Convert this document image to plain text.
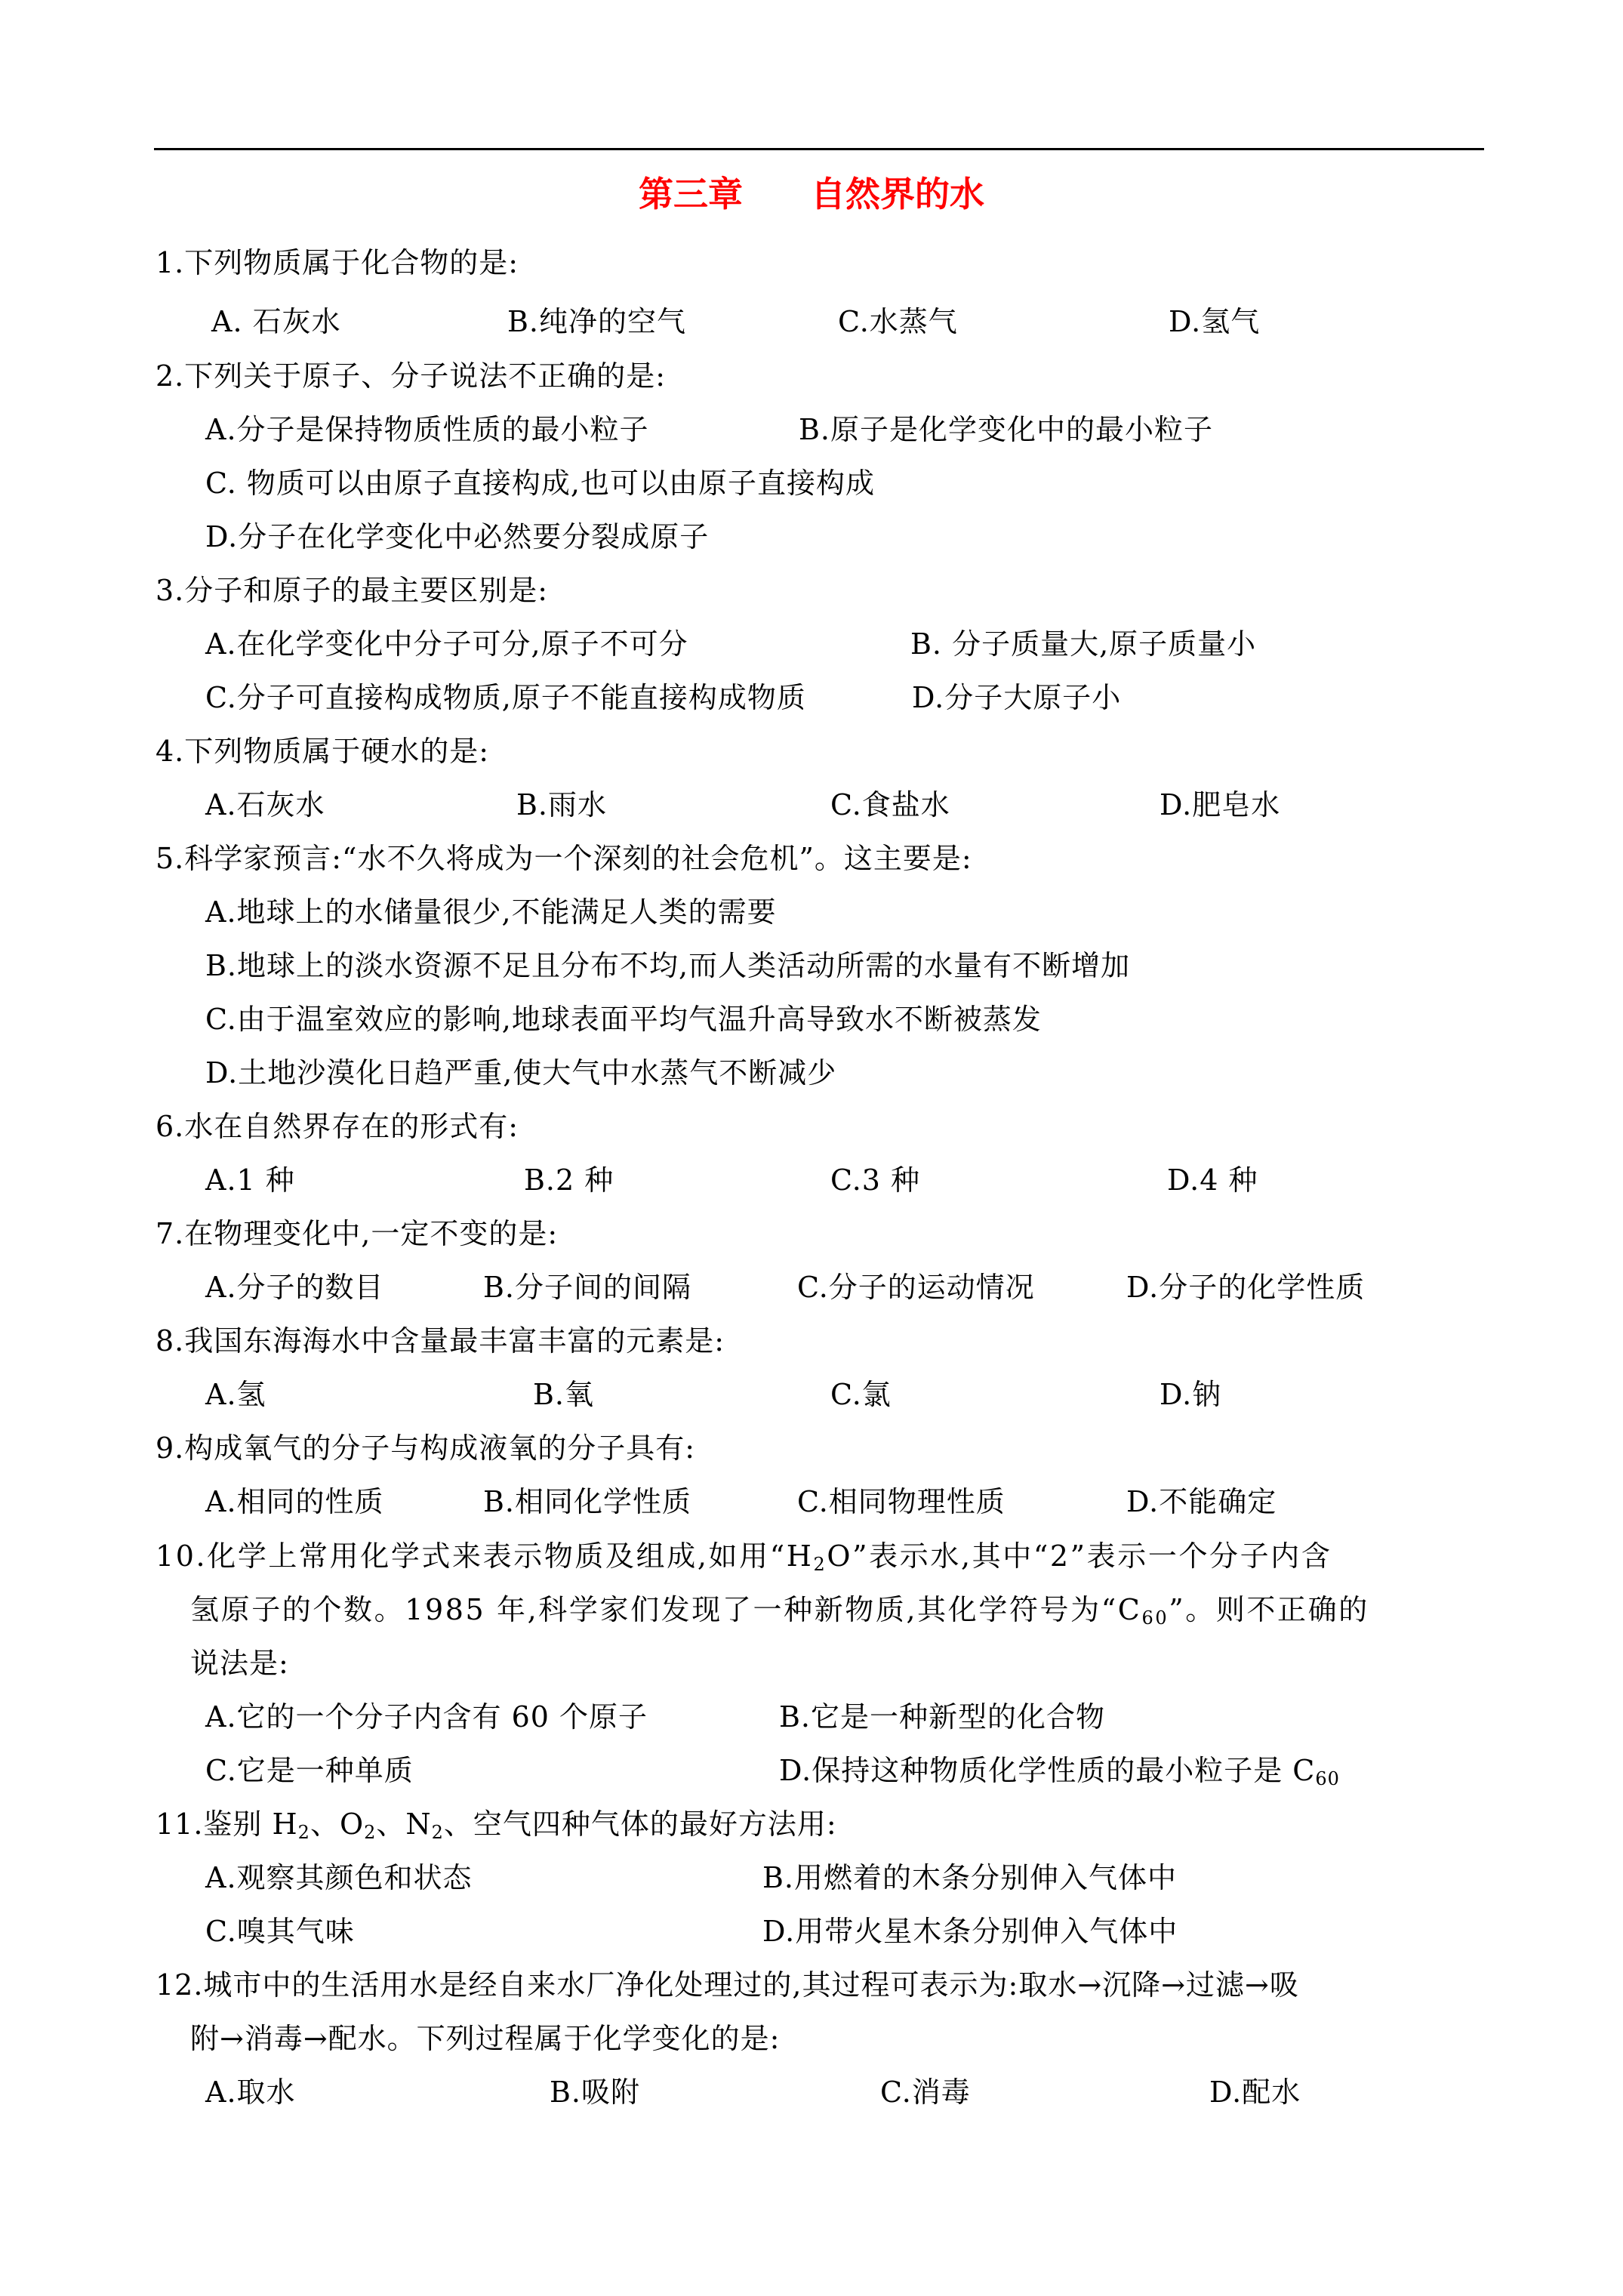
第三章 自然界的水
1.下列物质属于化合物的是:
A. 石灰水	B.纯净的空气	C.水蒸气	D.氢气
2.下列关于原子、分子说法不正确的是:
A.分子是保持物质性质的最小粒子	B.原子是化学变化中的最小粒子
C. 物质可以由原子直接构成,也可以由原子直接构成
D.分子在化学变化中必然要分裂成原子
3.分子和原子的最主要区别是:
A.在化学变化中分子可分,原子不可分	B. 分子质量大,原子质量小
C.分子可直接构成物质,原子不能直接构成物质	D.分子大原子小
4.下列物质属于硬水的是:
A.石灰水	B.雨水	C.食盐水	D.肥皂水
5.科学家预言:“水不久将成为一个深刻的社会危机”。这主要是:
A.地球上的水储量很少,不能满足人类的需要
B.地球上的淡水资源不足且分布不均,而人类活动所需的水量有不断增加
C.由于温室效应的影响,地球表面平均气温升高导致水不断被蒸发
D.土地沙漠化日趋严重,使大气中水蒸气不断减少
6.水在自然界存在的形式有:
A.1 种	B.2 种	C.3 种	D.4 种
7.在物理变化中,一定不变的是:
A.分子的数目	B.分子间的间隔	C.分子的运动情况	D.分子的化学性质
8.我国东海海水中含量最丰富丰富的元素是:
A.氢	B.氧	C.氯	D.钠
9.构成氧气的分子与构成液氧的分子具有:
A.相同的性质	B.相同化学性质	C.相同物理性质	D.不能确定
10.化学上常用化学式来表示物质及组成,如用“$H_2O$”表示水,其中“2”表示一个分子内含
氢原子的个数。1985 年,科学家们发现了一种新物质,其化学符号为“$C_{60}$”。则不正确的
说法是:
A.它的一个分子内含有 60 个原子	B.它是一种新型的化合物
C.它是一种单质	D.保持这种物质化学性质的最小粒子是 $C_{60}$
11.鉴别 $H_2$、$O_2$、$N_2$、空气四种气体的最好方法用:
A.观察其颜色和状态	B.用燃着的木条分别伸入气体中
C.嗅其气味	D.用带火星木条分别伸入气体中
12.城市中的生活用水是经自来水厂净化处理过的,其过程可表示为:取水→沉降→过滤→吸
附→消毒→配水。下列过程属于化学变化的是:
A.取水	B.吸附	C.消毒	D.配水
